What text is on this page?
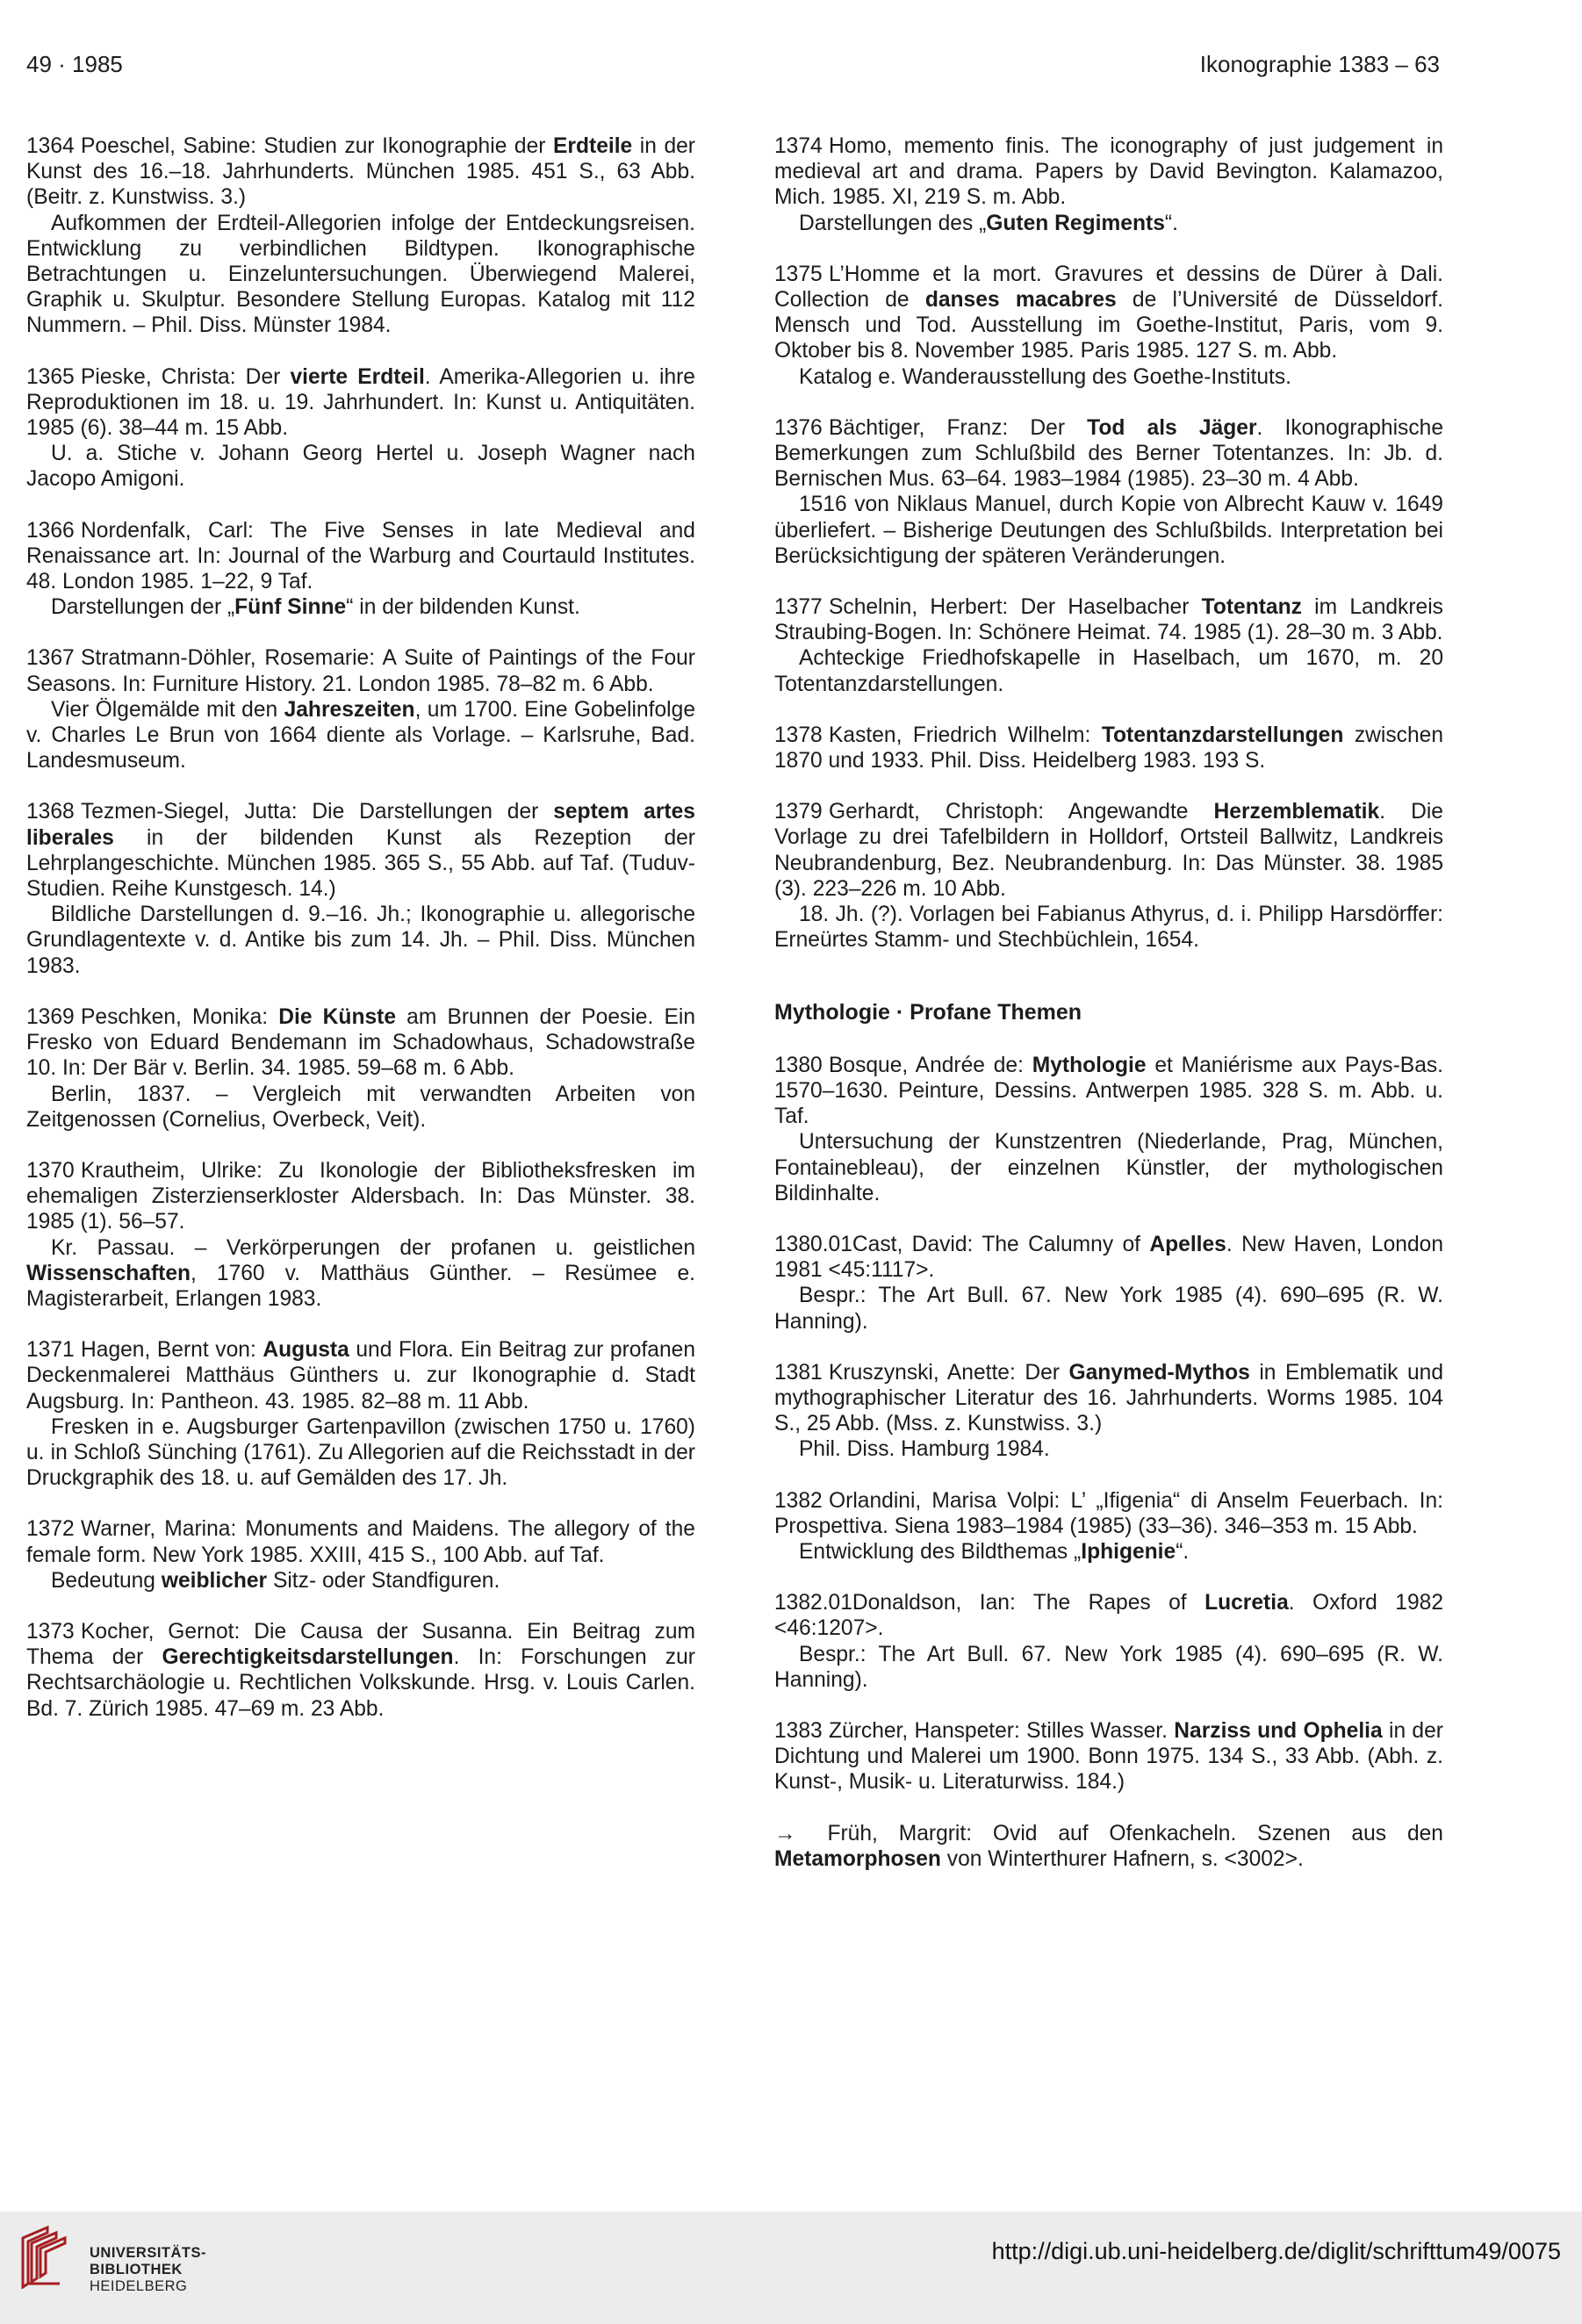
49 · 1985	Ikonographie 1383 – 63

1364 Poeschel, Sabine: Studien zur Ikonographie der Erdteile in der Kunst des 16.–18. Jahrhunderts. München 1985. 451 S., 63 Abb. (Beitr. z. Kunstwiss. 3.)

Aufkommen der Erdteil-Allegorien infolge der Entdeckungsreisen. Entwicklung zu verbindlichen Bildtypen. Ikonographische Betrachtungen u. Einzeluntersuchungen. Überwiegend Malerei, Graphik u. Skulptur. Besondere Stellung Europas. Katalog mit 112 Nummern. – Phil. Diss. Münster 1984.

1365 Pieske, Christa: Der vierte Erdteil. Amerika-Allegorien u. ihre Reproduktionen im 18. u. 19. Jahrhundert. In: Kunst u. Antiquitäten. 1985 (6). 38–44 m. 15 Abb.

U. a. Stiche v. Johann Georg Hertel u. Joseph Wagner nach Jacopo Amigoni.

1366 Nordenfalk, Carl: The Five Senses in late Medieval and Renaissance art. In: Journal of the Warburg and Courtauld Institutes. 48. London 1985. 1–22, 9 Taf.

Darstellungen der „Fünf Sinne“ in der bildenden Kunst.

1367 Stratmann-Döhler, Rosemarie: A Suite of Paintings of the Four Seasons. In: Furniture History. 21. London 1985. 78–82 m. 6 Abb.

Vier Ölgemälde mit den Jahreszeiten, um 1700. Eine Gobelinfolge v. Charles Le Brun von 1664 diente als Vorlage. – Karlsruhe, Bad. Landesmuseum.

1368 Tezmen-Siegel, Jutta: Die Darstellungen der septem artes liberales in der bildenden Kunst als Rezeption der Lehrplangeschichte. München 1985. 365 S., 55 Abb. auf Taf. (Tuduv-Studien. Reihe Kunstgesch. 14.)

Bildliche Darstellungen d. 9.–16. Jh.; Ikonographie u. allegorische Grundlagentexte v. d. Antike bis zum 14. Jh. – Phil. Diss. München 1983.

1369 Peschken, Monika: Die Künste am Brunnen der Poesie. Ein Fresko von Eduard Bendemann im Schadowhaus, Schadowstraße 10. In: Der Bär v. Berlin. 34. 1985. 59–68 m. 6 Abb.

Berlin, 1837. – Vergleich mit verwandten Arbeiten von Zeitgenossen (Cornelius, Overbeck, Veit).

1370 Krautheim, Ulrike: Zu Ikonologie der Bibliotheksfresken im ehemaligen Zisterzienserkloster Aldersbach. In: Das Münster. 38. 1985 (1). 56–57.

Kr. Passau. – Verkörperungen der profanen u. geistlichen Wissenschaften, 1760 v. Matthäus Günther. – Resümee e. Magisterarbeit, Erlangen 1983.

1371 Hagen, Bernt von: Augusta und Flora. Ein Beitrag zur profanen Deckenmalerei Matthäus Günthers u. zur Ikonographie d. Stadt Augsburg. In: Pantheon. 43. 1985. 82–88 m. 11 Abb.

Fresken in e. Augsburger Gartenpavillon (zwischen 1750 u. 1760) u. in Schloß Sünching (1761). Zu Allegorien auf die Reichsstadt in der Druckgraphik des 18. u. auf Gemälden des 17. Jh.

1372 Warner, Marina: Monuments and Maidens. The allegory of the female form. New York 1985. XXIII, 415 S., 100 Abb. auf Taf.

Bedeutung weiblicher Sitz- oder Standfiguren.

1373 Kocher, Gernot: Die Causa der Susanna. Ein Beitrag zum Thema der Gerechtigkeitsdarstellungen. In: Forschungen zur Rechtsarchäologie u. Rechtlichen Volkskunde. Hrsg. v. Louis Carlen. Bd. 7. Zürich 1985. 47–69 m. 23 Abb.

1374 Homo, memento finis. The iconography of just judgement in medieval art and drama. Papers by David Bevington. Kalamazoo, Mich. 1985. XI, 219 S. m. Abb.

Darstellungen des „Guten Regiments“.

1375 L’Homme et la mort. Gravures et dessins de Dürer à Dali. Collection de danses macabres de l’Université de Düsseldorf. Mensch und Tod. Ausstellung im Goethe-Institut, Paris, vom 9. Oktober bis 8. November 1985. Paris 1985. 127 S. m. Abb.

Katalog e. Wanderausstellung des Goethe-Instituts.

1376 Bächtiger, Franz: Der Tod als Jäger. Ikonographische Bemerkungen zum Schlußbild des Berner Totentanzes. In: Jb. d. Bernischen Mus. 63–64. 1983–1984 (1985). 23–30 m. 4 Abb.

1516 von Niklaus Manuel, durch Kopie von Albrecht Kauw v. 1649 überliefert. – Bisherige Deutungen des Schlußbilds. Interpretation bei Berücksichtigung der späteren Veränderungen.

1377 Schelnin, Herbert: Der Haselbacher Totentanz im Landkreis Straubing-Bogen. In: Schönere Heimat. 74. 1985 (1). 28–30 m. 3 Abb.

Achteckige Friedhofskapelle in Haselbach, um 1670, m. 20 Totentanzdarstellungen.

1378 Kasten, Friedrich Wilhelm: Totentanzdarstellungen zwischen 1870 und 1933. Phil. Diss. Heidelberg 1983. 193 S.

1379 Gerhardt, Christoph: Angewandte Herzemblematik. Die Vorlage zu drei Tafelbildern in Holldorf, Ortsteil Ballwitz, Landkreis Neubrandenburg, Bez. Neubrandenburg. In: Das Münster. 38. 1985 (3). 223–226 m. 10 Abb.

18. Jh. (?). Vorlagen bei Fabianus Athyrus, d. i. Philipp Harsdörffer: Erneürtes Stamm- und Stechbüchlein, 1654.

Mythologie · Profane Themen

1380 Bosque, Andrée de: Mythologie et Maniérisme aux Pays-Bas. 1570–1630. Peinture, Dessins. Antwerpen 1985. 328 S. m. Abb. u. Taf.

Untersuchung der Kunstzentren (Niederlande, Prag, München, Fontainebleau), der einzelnen Künstler, der mythologischen Bildinhalte.

1380.01Cast, David: The Calumny of Apelles. New Haven, London 1981 <45:1117>.

Bespr.: The Art Bull. 67. New York 1985 (4). 690–695 (R. W. Hanning).

1381 Kruszynski, Anette: Der Ganymed-Mythos in Emblematik und mythographischer Literatur des 16. Jahrhunderts. Worms 1985. 104 S., 25 Abb. (Mss. z. Kunstwiss. 3.)

Phil. Diss. Hamburg 1984.

1382 Orlandini, Marisa Volpi: L’ „Ifigenia“ di Anselm Feuerbach. In: Prospettiva. Siena 1983–1984 (1985) (33–36). 346–353 m. 15 Abb.

Entwicklung des Bildthemas „Iphigenie“.

1382.01Donaldson, Ian: The Rapes of Lucretia. Oxford 1982 <46:1207>.

Bespr.: The Art Bull. 67. New York 1985 (4). 690–695 (R. W. Hanning).

1383 Zürcher, Hanspeter: Stilles Wasser. Narziss und Ophelia in der Dichtung und Malerei um 1900. Bonn 1975. 134 S., 33 Abb. (Abh. z. Kunst-, Musik- u. Literaturwiss. 184.)

→ Früh, Margrit: Ovid auf Ofenkacheln. Szenen aus den Metamorphosen von Winterthurer Hafnern, s. <3002>.
UNIVERSITÄTS-
BIBLIOTHEK
HEIDELBERG
http://digi.ub.uni-heidelberg.de/diglit/schrifttum49/0075
